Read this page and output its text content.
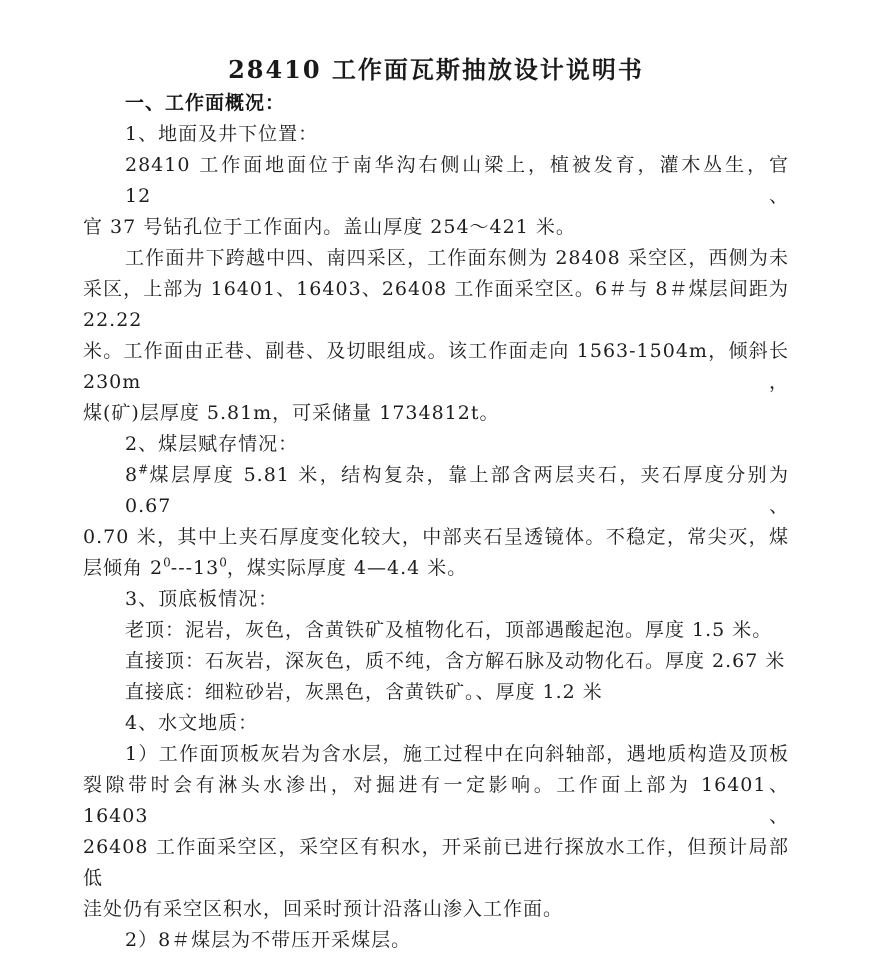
28410 工作面瓦斯抽放设计说明书
一、工作面概况：
1、地面及井下位置：
28410 工作面地面位于南华沟右侧山梁上，植被发育，灌木丛生，官 12、
官 37 号钻孔位于工作面内。盖山厚度 254～421 米。
工作面井下跨越中四、南四采区，工作面东侧为 28408 采空区，西侧为未
采区，上部为 16401、16403、26408 工作面采空区。6＃与 8＃煤层间距为 22.22
米。工作面由正巷、副巷、及切眼组成。该工作面走向 1563-1504m，倾斜长 230m，
煤(矿)层厚度 5.81m，可采储量 1734812t。
2、煤层赋存情况：
8#煤层厚度 5.81 米，结构复杂，靠上部含两层夹石，夹石厚度分别为 0.67、
0.70 米，其中上夹石厚度变化较大，中部夹石呈透镜体。不稳定，常尖灭，煤
层倾角 $2^0---13^0$，煤实际厚度 4—4.4 米。
3、顶底板情况：
老顶：泥岩，灰色，含黄铁矿及植物化石，顶部遇酸起泡。厚度 1.5 米。
直接顶：石灰岩，深灰色，质不纯，含方解石脉及动物化石。厚度 2.67 米
直接底：细粒砂岩，灰黑色，含黄铁矿。、厚度 1.2 米
4、水文地质：
1）工作面顶板灰岩为含水层，施工过程中在向斜轴部，遇地质构造及顶板
裂隙带时会有淋头水渗出，对掘进有一定影响。工作面上部为 16401、16403、
26408 工作面采空区，采空区有积水，开采前已进行探放水工作，但预计局部低
洼处仍有采空区积水，回采时预计沿落山渗入工作面。
2）8＃煤层为不带压开采煤层。
